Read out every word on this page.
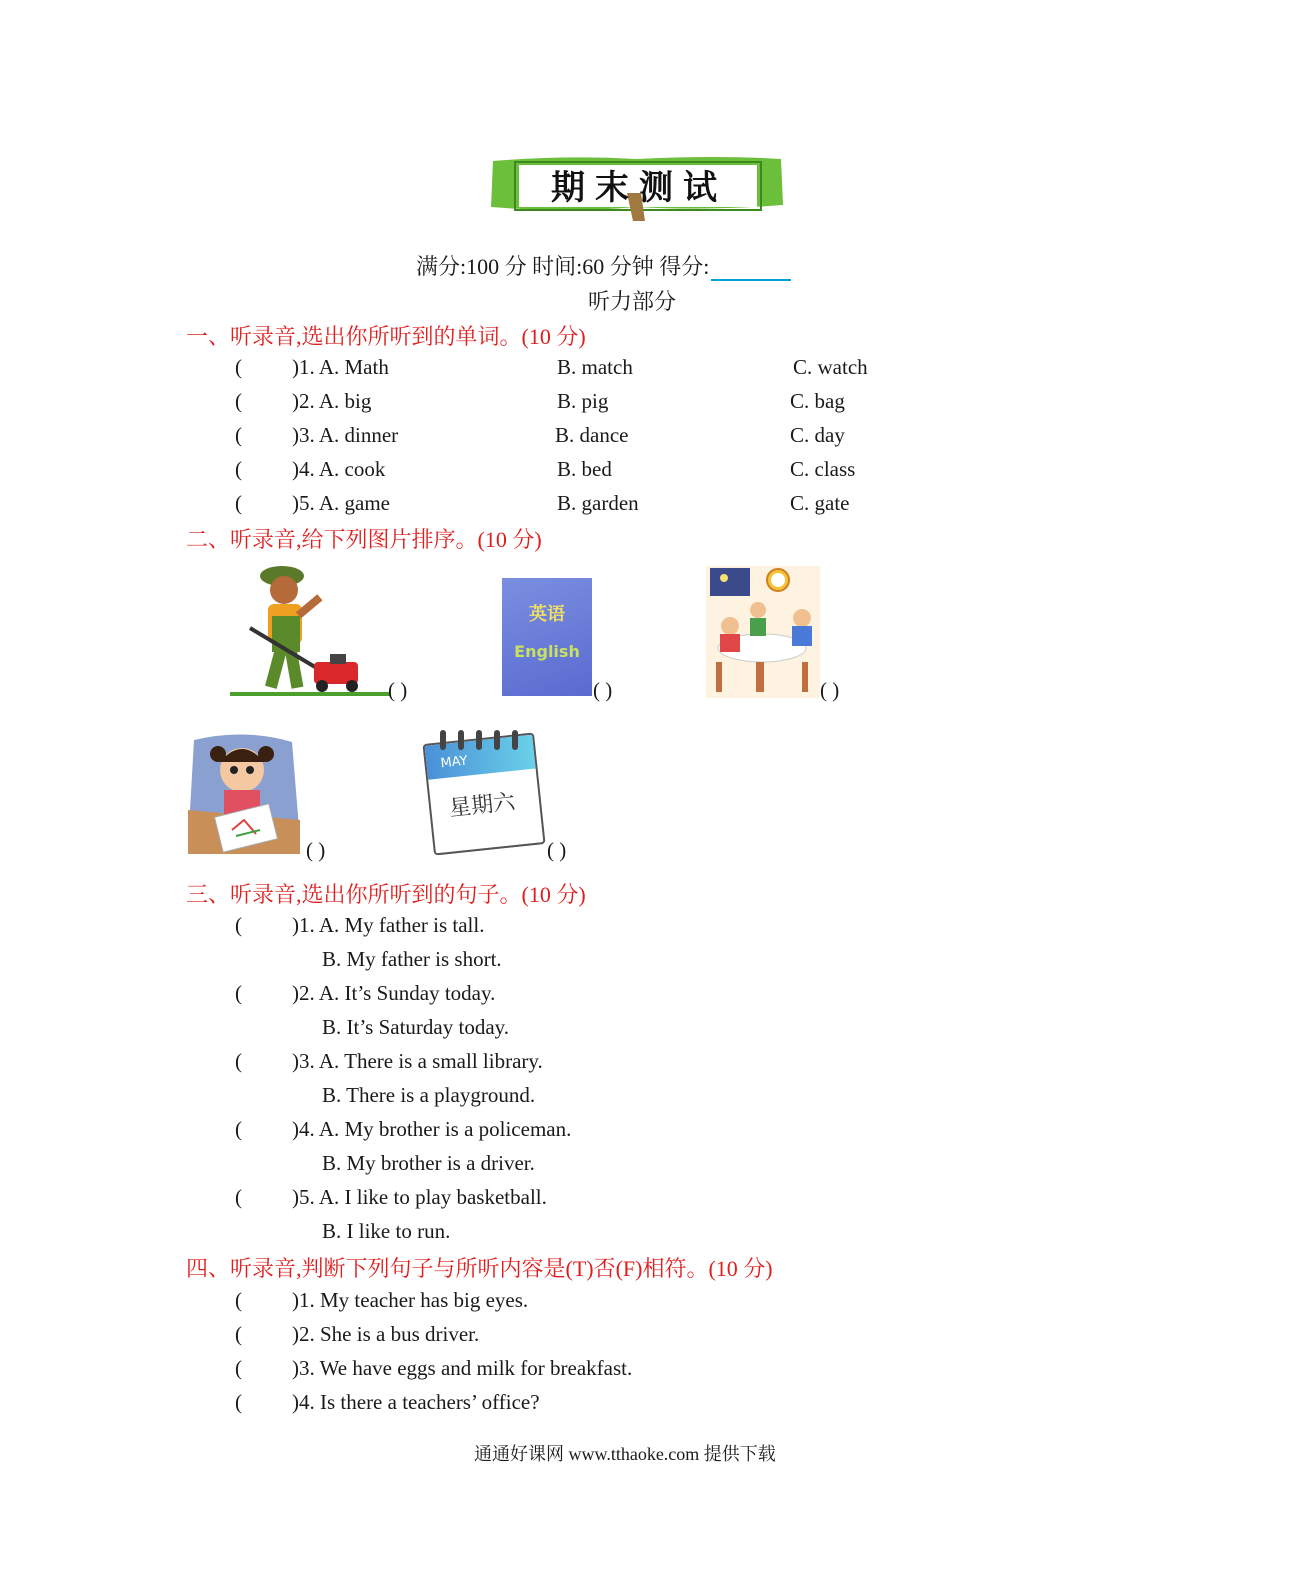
期末测试
满分:100 分 时间:60 分钟 得分:
听力部分
一、听录音,选出你所听到的单词。(10 分)
( )1. A. Math	B. match	C. watch
( )2. A. big	B. pig	C. bag
( )3. A. dinner	B. dance	C. day
( )4. A. cook	B. bed	C. class
( )5. A. game	B. garden	C. gate
二、听录音,给下列图片排序。(10 分)
( )
英语
English
( )	( )
( )
MAY
星期六
( )
三、听录音,选出你所听到的句子。(10 分)
( )1. A. My father is tall.
B. My father is short.
( )2. A. It’s Sunday today.
B. It’s Saturday today.
( )3. A. There is a small library.
B. There is a playground.
( )4. A. My brother is a policeman.
B. My brother is a driver.
( )5. A. I like to play basketball.
B. I like to run.
四、听录音,判断下列句子与所听内容是(T)否(F)相符。(10 分)
( )1. My teacher has big eyes.
( )2. She is a bus driver.
( )3. We have eggs and milk for breakfast.
( )4. Is there a teachers’ office?
通通好课网 www.tthaoke.com 提供下载
